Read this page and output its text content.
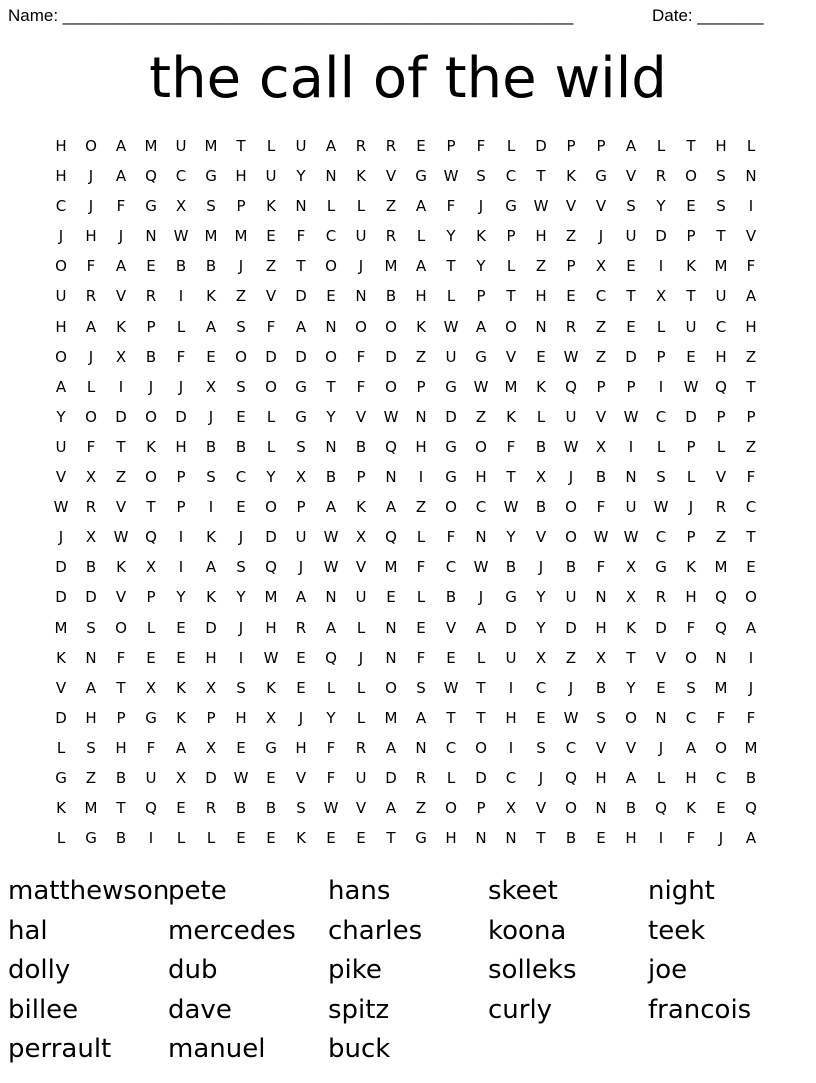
Name: ______________________________________________________	Date: _______
the call of the wild
H	O	A	M	U	M	T	L	U	A	R	R	E	P	F	L	D	P	P	A	L	T	H	L
H	J	A	Q	C	G	H	U	Y	N	K	V	G	W	S	C	T	K	G	V	R	O	S	N
C	J	F	G	X	S	P	K	N	L	L	Z	A	F	J	G	W	V	V	S	Y	E	S	I
J	H	J	N	W	M	M	E	F	C	U	R	L	Y	K	P	H	Z	J	U	D	P	T	V
O	F	A	E	B	B	J	Z	T	O	J	M	A	T	Y	L	Z	P	X	E	I	K	M	F
U	R	V	R	I	K	Z	V	D	E	N	B	H	L	P	T	H	E	C	T	X	T	U	A
H	A	K	P	L	A	S	F	A	N	O	O	K	W	A	O	N	R	Z	E	L	U	C	H
O	J	X	B	F	E	O	D	D	O	F	D	Z	U	G	V	E	W	Z	D	P	E	H	Z
A	L	I	J	J	X	S	O	G	T	F	O	P	G	W	M	K	Q	P	P	I	W	Q	T
Y	O	D	O	D	J	E	L	G	Y	V	W	N	D	Z	K	L	U	V	W	C	D	P	P
U	F	T	K	H	B	B	L	S	N	B	Q	H	G	O	F	B	W	X	I	L	P	L	Z
V	X	Z	O	P	S	C	Y	X	B	P	N	I	G	H	T	X	J	B	N	S	L	V	F
W	R	V	T	P	I	E	O	P	A	K	A	Z	O	C	W	B	O	F	U	W	J	R	C
J	X	W	Q	I	K	J	D	U	W	X	Q	L	F	N	Y	V	O	W	W	C	P	Z	T
D	B	K	X	I	A	S	Q	J	W	V	M	F	C	W	B	J	B	F	X	G	K	M	E
D	D	V	P	Y	K	Y	M	A	N	U	E	L	B	J	G	Y	U	N	X	R	H	Q	O
M	S	O	L	E	D	J	H	R	A	L	N	E	V	A	D	Y	D	H	K	D	F	Q	A
K	N	F	E	E	H	I	W	E	Q	J	N	F	E	L	U	X	Z	X	T	V	O	N	I
V	A	T	X	K	X	S	K	E	L	L	O	S	W	T	I	C	J	B	Y	E	S	M	J
D	H	P	G	K	P	H	X	J	Y	L	M	A	T	T	H	E	W	S	O	N	C	F	F
L	S	H	F	A	X	E	G	H	F	R	A	N	C	O	I	S	C	V	V	J	A	O	M
G	Z	B	U	X	D	W	E	V	F	U	D	R	L	D	C	J	Q	H	A	L	H	C	B
K	M	T	Q	E	R	B	B	S	W	V	A	Z	O	P	X	V	O	N	B	Q	K	E	Q
L	G	B	I	L	L	E	E	K	E	E	T	G	H	N	N	T	B	E	H	I	F	J	A
matthewson
hal
dolly
billee
perrault
pete
mercedes
dub
dave
manuel
hans
charles
pike
spitz
buck
skeet
koona
solleks
curly
night
teek
joe
francois
